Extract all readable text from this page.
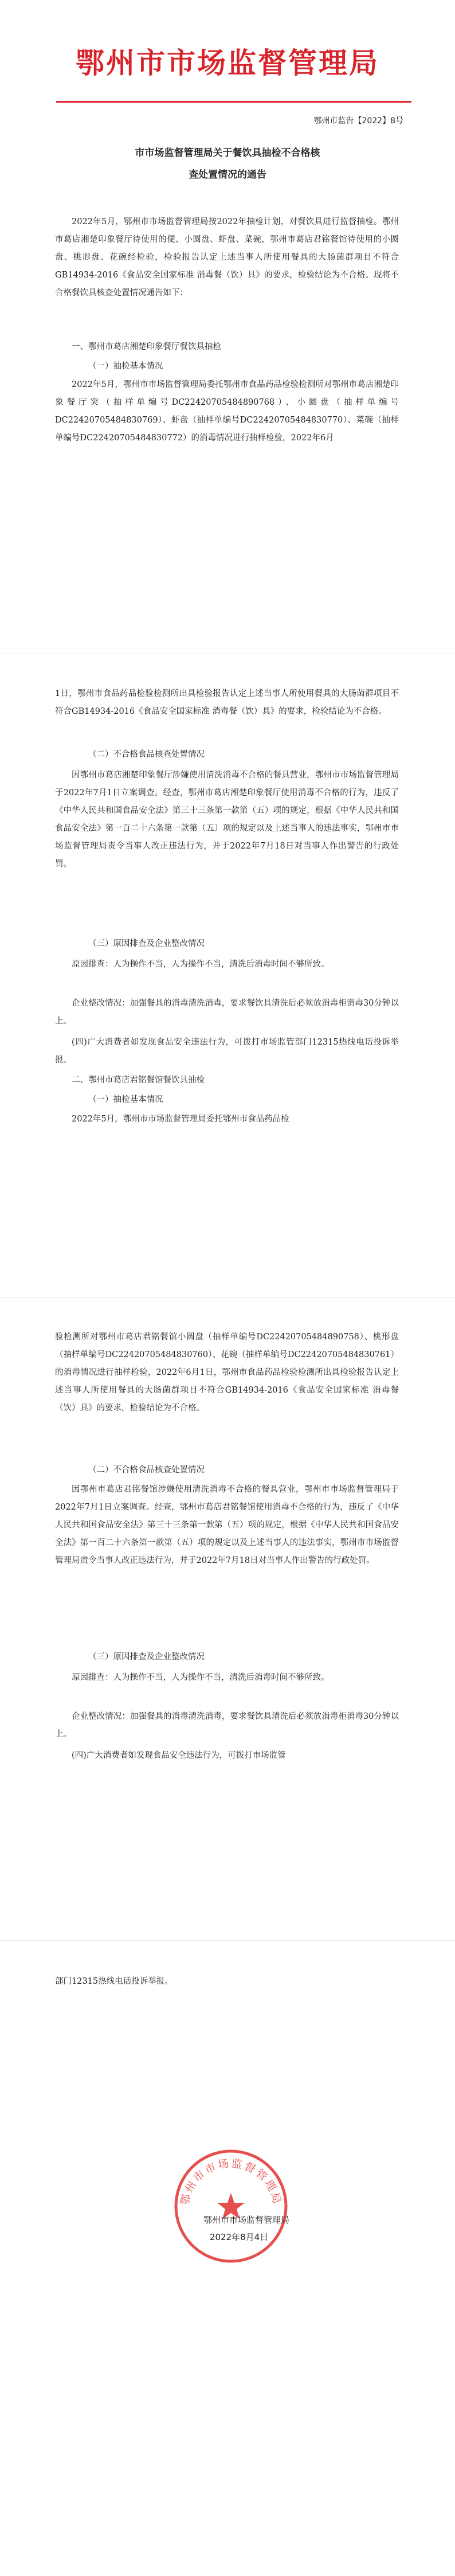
鄂州市市场监督管理局
鄂州市监告【2022】8号
市市场监督管理局关于餐饮具抽检不合格核
查处置情况的通告

2022年5月，鄂州市市场监督管理局按2022年抽检计划，对餐饮具进行监督抽检。鄂州市葛店湘楚印象餐厅待使用的便、小圆盘、虾盘、菜碗，鄂州市葛店君铭餐馆待使用的小圆盘、桃形盘、花碗经检验，检验报告认定上述当事人所使用餐具的大肠菌群项目不符合GB14934-2016《食品安全国家标准 消毒餐（饮）具》的要求，检验结论为不合格。现将不合格餐饮具核查处置情况通告如下：

一、鄂州市葛店湘楚印象餐厅餐饮具抽检

（一）抽检基本情况

2022年5月，鄂州市市场监督管理局委托鄂州市食品药品检验检测所对鄂州市葛店湘楚印象餐厅突（抽样单编号DC22420705484890768）、小圆盘（抽样单编号DC22420705484830769）、虾盘（抽样单编号DC22420705484830770）、菜碗（抽样单编号DC22420705484830772）的消毒情况进行抽样检验，2022年6月

1日，鄂州市食品药品检验检测所出具检验报告认定上述当事人所使用餐具的大肠菌群项目不符合GB14934-2016《食品安全国家标准 消毒餐（饮）具》的要求，检验结论为不合格。

（二）不合格食品核查处置情况

因鄂州市葛店湘楚印象餐厅涉嫌使用清洗消毒不合格的餐具营业，鄂州市市场监督管理局于2022年7月1日立案调查。经查，鄂州市葛店湘楚印象餐厅使用消毒不合格的行为，违反了《中华人民共和国食品安全法》第三十三条第一款第（五）项的规定，根据《中华人民共和国食品安全法》第一百二十六条第一款第（五）项的规定以及上述当事人的违法事实，鄂州市市场监督管理局责令当事人改正违法行为，并于2022年7月18日对当事人作出警告的行政处罚。

（三）原因排查及企业整改情况

原因排查：人为操作不当，人为操作不当，清洗后消毒时间不够所致。

企业整改情况：加强餐具的消毒清洗消毒，要求餐饮具清洗后必须放消毒柜消毒30分钟以上。

(四)广大消费者如发现食品安全违法行为，可拨打市场监管部门12315热线电话投诉举报。

二、鄂州市葛店君铭餐馆餐饮具抽检

（一）抽检基本情况

2022年5月，鄂州市市场监督管理局委托鄂州市食品药品检

验检测所对鄂州市葛店君铭餐馆小圆盘（抽样单编号DC22420705484890758）、桃形盘（抽样单编号DC22420705484830760）、花碗（抽样单编号DC22420705484830761）的消毒情况进行抽样检验，2022年6月1日，鄂州市食品药品检验检测所出具检验报告认定上述当事人所使用餐具的大肠菌群项目不符合GB14934-2016《食品安全国家标准 消毒餐（饮）具》的要求，检验结论为不合格。

（二）不合格食品核查处置情况

因鄂州市葛店君铭餐馆涉嫌使用清洗消毒不合格的餐具营业，鄂州市市场监督管理局于2022年7月1日立案调查。经查，鄂州市葛店君铭餐馆使用消毒不合格的行为，违反了《中华人民共和国食品安全法》第三十三条第一款第（五）项的规定，根据《中华人民共和国食品安全法》第一百二十六条第一款第（五）项的规定以及上述当事人的违法事实，鄂州市市场监督管理局责令当事人改正违法行为，并于2022年7月18日对当事人作出警告的行政处罚。

（三）原因排查及企业整改情况

原因排查：人为操作不当，人为操作不当，清洗后消毒时间不够所致。

企业整改情况：加强餐具的消毒清洗消毒，要求餐饮具清洗后必须放消毒柜消毒30分钟以上。

(四)广大消费者如发现食品安全违法行为，可拨打市场监管

部门12315热线电话投诉举报。

鄂州市市场监督管理局
鄂州市市场监督管理局
2022年8月4日
